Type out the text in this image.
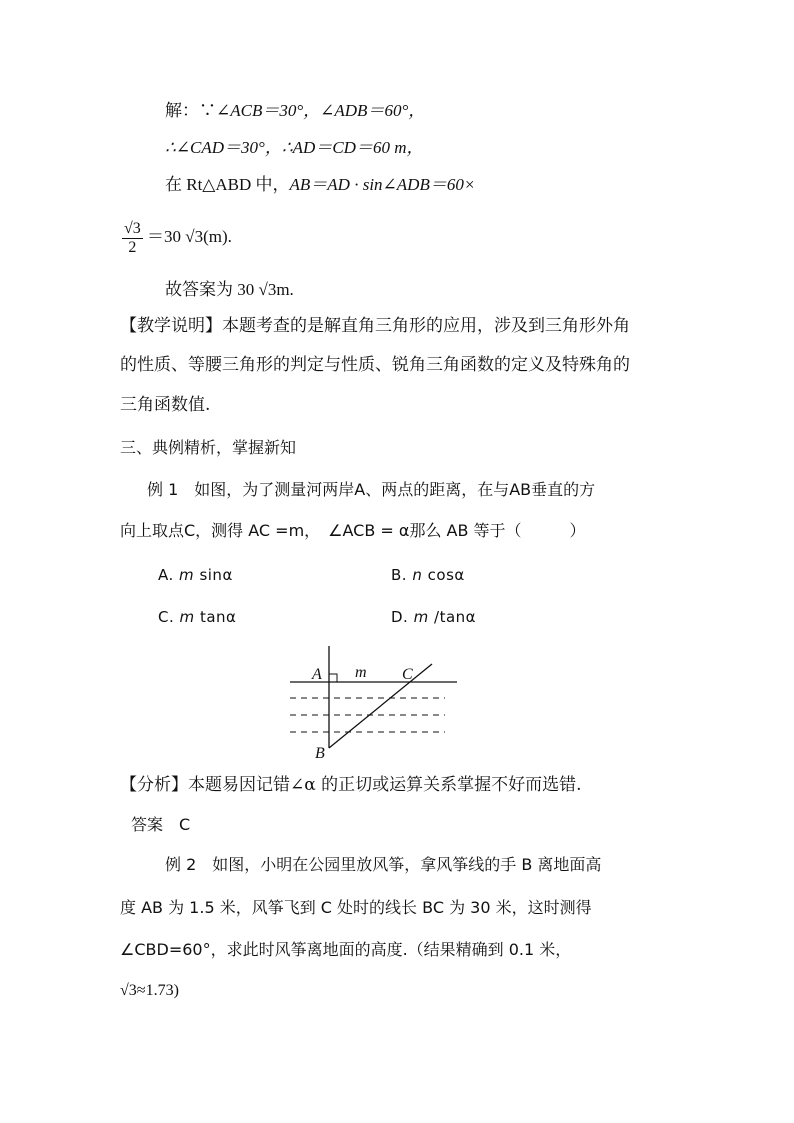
解：∵∠ACB＝30°，∠ADB＝60°，
∴∠CAD＝30°，∴AD＝CD＝60 m，
在 Rt△ABD 中，AB＝AD · sin∠ADB＝60×
$\frac{√3}{2} =30$ √3(m).
故答案为 30 √3m.
【教学说明】本题考查的是解直角三角形的应用，涉及到三角形外角
的性质、等腰三角形的判定与性质、锐角三角函数的定义及特殊角的
三角函数值.
三、典例精析，掌握新知
例 1　如图，为了测量河两岸A、两点的距离，在与AB垂直的方
向上取点C，测得 AC =m，　∠ACB = α那么 AB 等于（　　　）
A. m sinα	B. n cosα
C. m tanα	D. m /tanα
A m C
B
【分析】本题易因记错∠α 的正切或运算关系掌握不好而选错.
答案　C
例 2　如图，小明在公园里放风筝，拿风筝线的手 B 离地面高
度 AB 为 1.5 米，风筝飞到 C 处时的线长 BC 为 30 米，这时测得
∠CBD=60°，求此时风筝离地面的高度.（结果精确到 0.1 米，
√3≈1.73)
